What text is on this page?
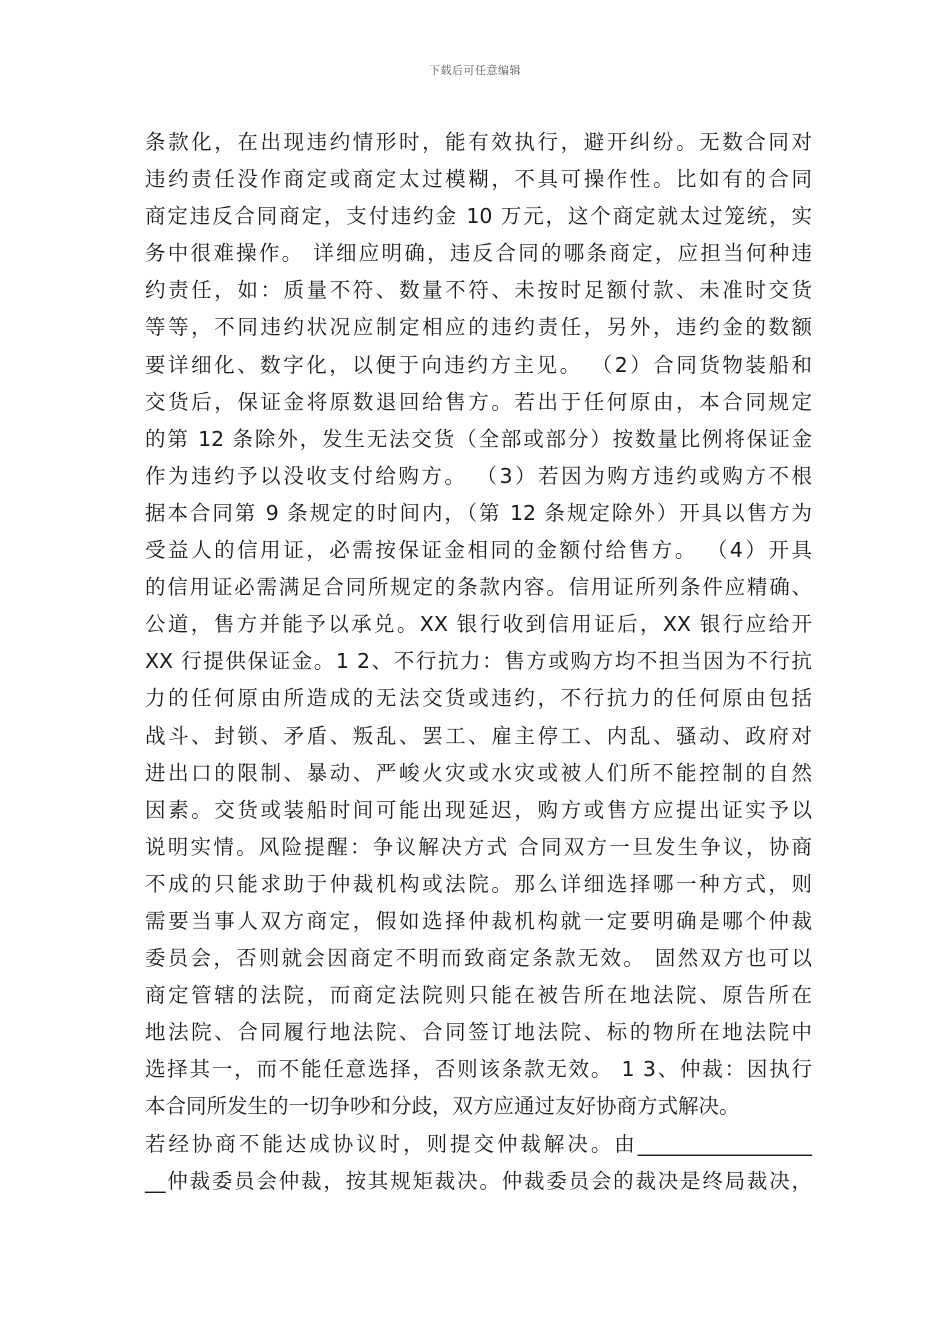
下载后可任意编辑
条款化，在出现违约情形时，能有效执行，避开纠纷。无数合同对
违约责任没作商定或商定太过模糊，不具可操作性。比如有的合同
商定违反合同商定，支付违约金 10 万元，这个商定就太过笼统，实
务中很难操作。 详细应明确，违反合同的哪条商定，应担当何种违
约责任，如：质量不符、数量不符、未按时足额付款、未准时交货
等等，不同违约状况应制定相应的违约责任，另外，违约金的数额
要详细化、数字化，以便于向违约方主见。 （2）合同货物装船和
交货后，保证金将原数退回给售方。若出于任何原由，本合同规定
的第 12 条除外，发生无法交货（全部或部分）按数量比例将保证金
作为违约予以没收支付给购方。 （3）若因为购方违约或购方不根
据本合同第 9 条规定的时间内，（第 12 条规定除外）开具以售方为
受益人的信用证，必需按保证金相同的金额付给售方。 （4）开具
的信用证必需满足合同所规定的条款内容。信用证所列条件应精确、
公道，售方并能予以承兑。XX 银行收到信用证后，XX 银行应给开
XX 行提供保证金。1 2、不行抗力：售方或购方均不担当因为不行抗
力的任何原由所造成的无法交货或违约，不行抗力的任何原由包括
战斗、封锁、矛盾、叛乱、罢工、雇主停工、内乱、骚动、政府对
进出口的限制、暴动、严峻火灾或水灾或被人们所不能控制的自然
因素。交货或装船时间可能出现延迟，购方或售方应提出证实予以
说明实情。风险提醒：争议解决方式 合同双方一旦发生争议，协商
不成的只能求助于仲裁机构或法院。那么详细选择哪一种方式，则
需要当事人双方商定，假如选择仲裁机构就一定要明确是哪个仲裁
委员会，否则就会因商定不明而致商定条款无效。 固然双方也可以
商定管辖的法院，而商定法院则只能在被告所在地法院、原告所在
地法院、合同履行地法院、合同签订地法院、标的物所在地法院中
选择其一，而不能任意选择，否则该条款无效。 1 3、仲裁：因执行
本合同所发生的一切争吵和分歧，双方应通过友好协商方式解决。
若经协商不能达成协议时，则提交仲裁解决。由_________________
__仲裁委员会仲裁，按其规矩裁决。仲裁委员会的裁决是终局裁决，
